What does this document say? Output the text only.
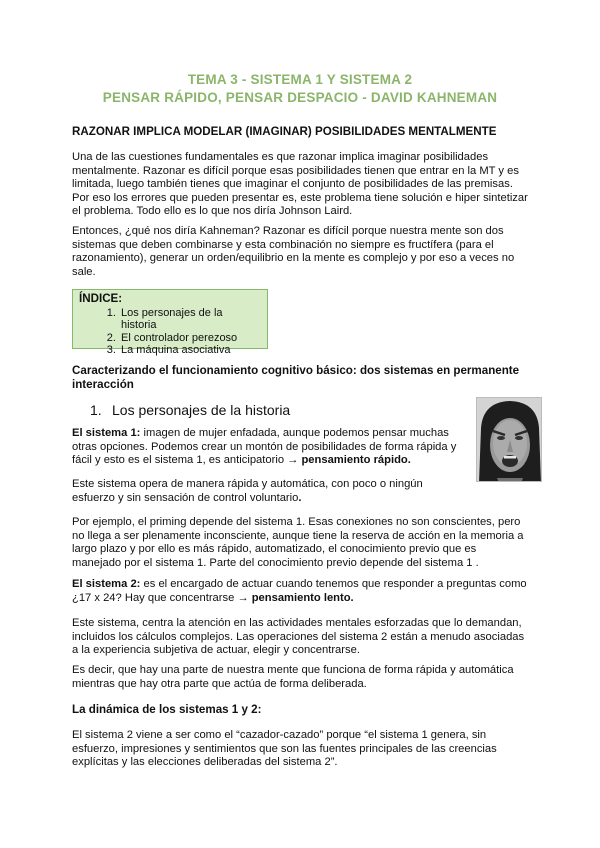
TEMA 3 - SISTEMA 1 Y SISTEMA 2
PENSAR RÁPIDO, PENSAR DESPACIO - DAVID KAHNEMAN
RAZONAR IMPLICA MODELAR (IMAGINAR) POSIBILIDADES MENTALMENTE
Una de las cuestiones fundamentales es que razonar implica imaginar posibilidades mentalmente. Razonar es difícil porque esas posibilidades tienen que entrar en la MT y es limitada, luego también tienes que imaginar el conjunto de posibilidades de las premisas. Por eso los errores que pueden presentar es, este problema tiene solución e hiper sintetizar el problema. Todo ello es lo que nos diría Johnson Laird.
Entonces, ¿qué nos diría Kahneman? Razonar es difícil porque nuestra mente son dos sistemas que deben combinarse y esta combinación no siempre es fructífera (para el razonamiento), generar un orden/equilibrio en la mente es complejo y por eso a veces no sale.
ÍNDICE:
1. Los personajes de la historia
2. El controlador perezoso
3. La máquina asociativa
Caracterizando el funcionamiento cognitivo básico: dos sistemas en permanente interacción
1. Los personajes de la historia
El sistema 1: imagen de mujer enfadada, aunque podemos pensar muchas otras opciones. Podemos crear un montón de posibilidades de forma rápida y fácil y esto es el sistema 1, es anticipatorio → pensamiento rápido.
Este sistema opera de manera rápida y automática, con poco o ningún esfuerzo y sin sensación de control voluntario.
Por ejemplo, el priming depende del sistema 1. Esas conexiones no son conscientes, pero no llega a ser plenamente inconsciente, aunque tiene la reserva de acción en la memoria a largo plazo y por ello es más rápido, automatizado, el conocimiento previo que es manejado por el sistema 1. Parte del conocimiento previo depende del sistema 1 .
El sistema 2: es el encargado de actuar cuando tenemos que responder a preguntas como ¿17 x 24? Hay que concentrarse → pensamiento lento.
Este sistema, centra la atención en las actividades mentales esforzadas que lo demandan, incluidos los cálculos complejos. Las operaciones del sistema 2 están a menudo asociadas a la experiencia subjetiva de actuar, elegir y concentrarse.
Es decir, que hay una parte de nuestra mente que funciona de forma rápida y automática mientras que hay otra parte que actúa de forma deliberada.
La dinámica de los sistemas 1 y 2:
El sistema 2 viene a ser como el “cazador-cazado” porque “el sistema 1 genera, sin esfuerzo, impresiones y sentimientos que son las fuentes principales de las creencias explícitas y las elecciones deliberadas del sistema 2”.
